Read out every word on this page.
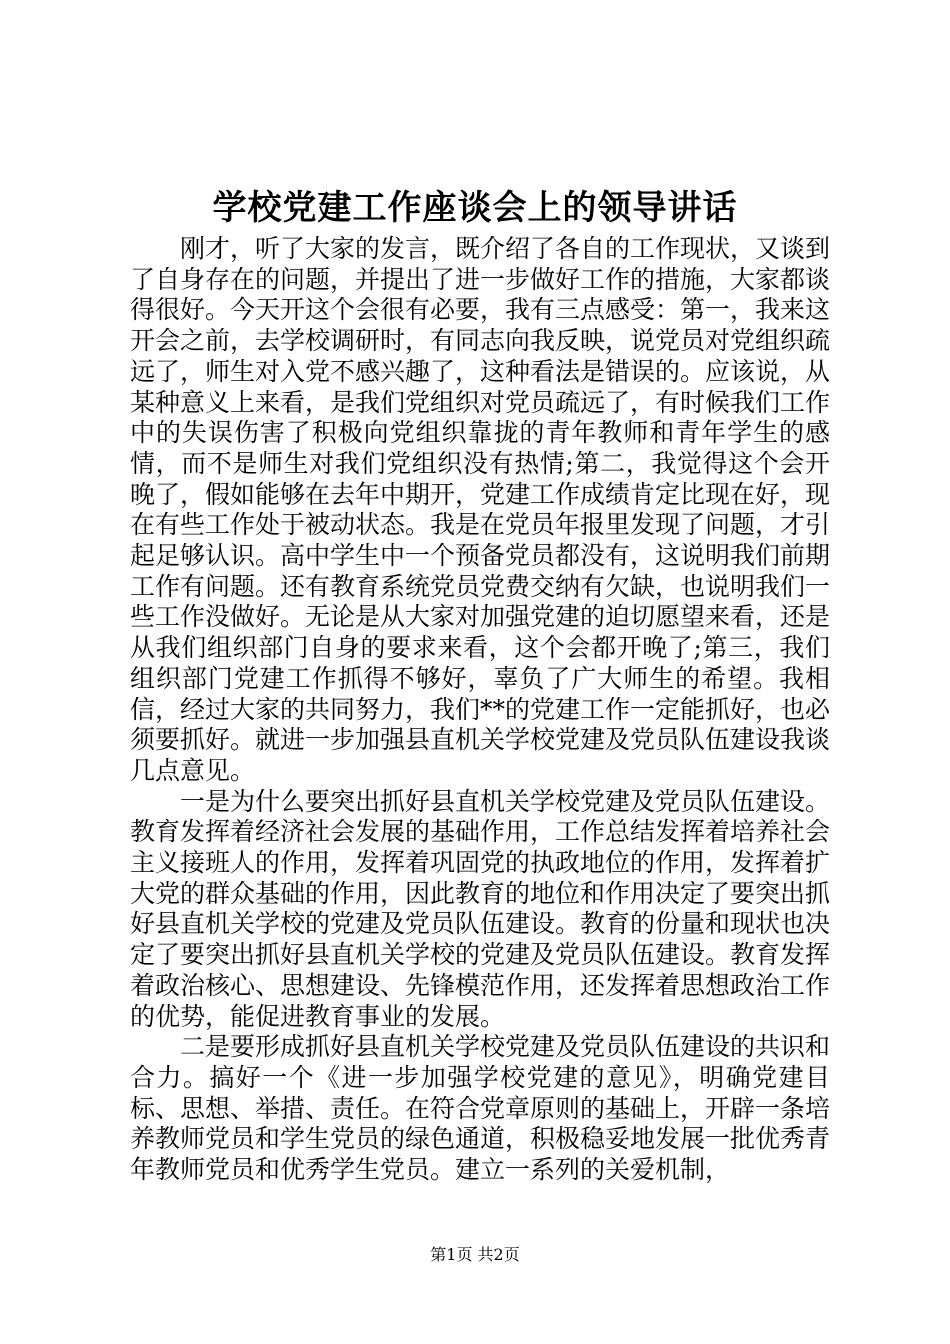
学校党建工作座谈会上的领导讲话

刚才，听了大家的发言，既介绍了各自的工作现状，又谈到了自身存在的问题，并提出了进一步做好工作的措施，大家都谈得很好。今天开这个会很有必要，我有三点感受：第一，我来这开会之前，去学校调研时，有同志向我反映，说党员对党组织疏远了，师生对入党不感兴趣了，这种看法是错误的。应该说，从某种意义上来看，是我们党组织对党员疏远了，有时候我们工作中的失误伤害了积极向党组织靠拢的青年教师和青年学生的感情，而不是师生对我们党组织没有热情;第二，我觉得这个会开晚了，假如能够在去年中期开，党建工作成绩肯定比现在好，现在有些工作处于被动状态。我是在党员年报里发现了问题，才引起足够认识。高中学生中一个预备党员都没有，这说明我们前期工作有问题。还有教育系统党员党费交纳有欠缺，也说明我们一些工作没做好。无论是从大家对加强党建的迫切愿望来看，还是从我们组织部门自身的要求来看，这个会都开晚了;第三，我们组织部门党建工作抓得不够好，辜负了广大师生的希望。我相信，经过大家的共同努力，我们**的党建工作一定能抓好，也必须要抓好。就进一步加强县直机关学校党建及党员队伍建设我谈几点意见。

一是为什么要突出抓好县直机关学校党建及党员队伍建设。教育发挥着经济社会发展的基础作用，工作总结发挥着培养社会主义接班人的作用，发挥着巩固党的执政地位的作用，发挥着扩大党的群众基础的作用，因此教育的地位和作用决定了要突出抓好县直机关学校的党建及党员队伍建设。教育的份量和现状也决定了要突出抓好县直机关学校的党建及党员队伍建设。教育发挥着政治核心、思想建设、先锋模范作用，还发挥着思想政治工作的优势，能促进教育事业的发展。

二是要形成抓好县直机关学校党建及党员队伍建设的共识和合力。搞好一个《进一步加强学校党建的意见》，明确党建目标、思想、举措、责任。在符合党章原则的基础上，开辟一条培养教师党员和学生党员的绿色通道，积极稳妥地发展一批优秀青年教师党员和优秀学生党员。建立一系列的关爱机制，

第1页 共2页
